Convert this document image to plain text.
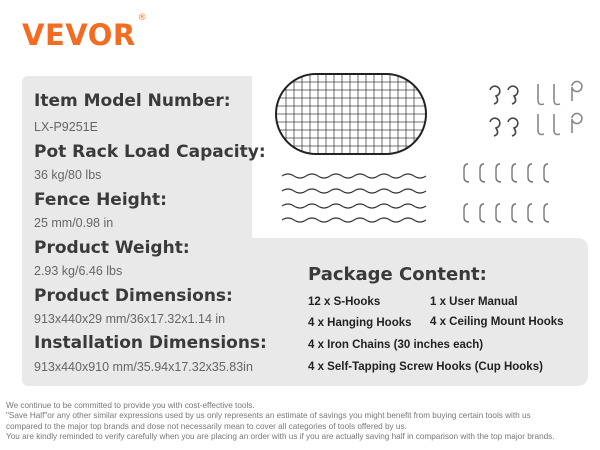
VEVOR ®
Item Model Number:
LX-P9251E
Pot Rack Load Capacity:
36 kg/80 lbs
Fence Height:
25 mm/0.98 in
Product Weight:
2.93 kg/6.46 lbs
Product Dimensions:
913x440x29 mm/36x17.32x1.14 in
Installation Dimensions:
913x440x910 mm/35.94x17.32x35.83in
Package Content:
12 x S-Hooks	1 x User Manual
4 x Hanging Hooks 4 x Ceiling Mount Hooks
4 x Iron Chains (30 inches each)
4 x Self-Tapping Screw Hooks (Cup Hooks)
We continue to be committed to provide you with cost-effective tools.
"Save Half"or any other similar expressions used by us only represents an estimate of savings you might benefit from buying certain tools with us
compared to the major top brands and dose not necessarily mean to cover all categories of tools offered by us.
You are kindly reminded to verify carefully when you are placing an order with us if you are actually saving half in comparison with the top major brands.
